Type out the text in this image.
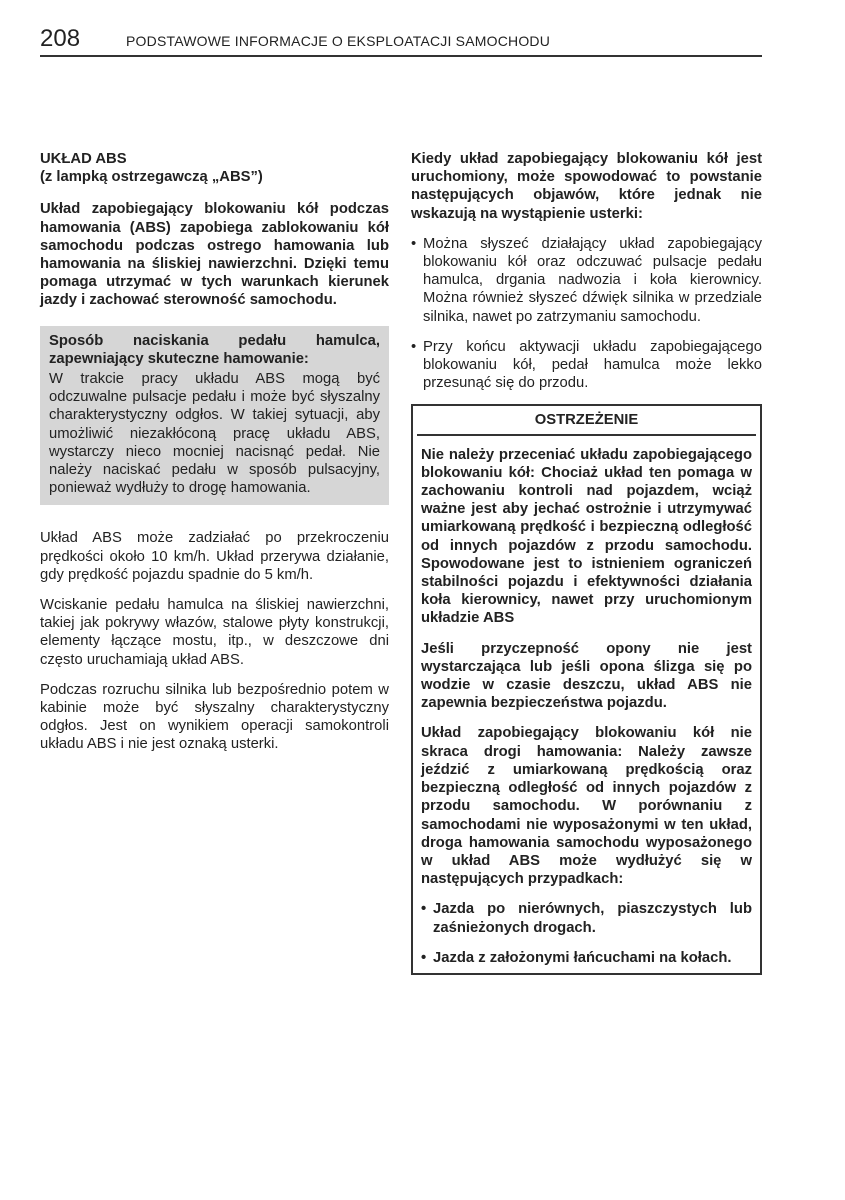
208	PODSTAWOWE INFORMACJE O EKSPLOATACJI SAMOCHODU
UKŁAD ABS
(z lampką ostrzegawczą „ABS”)

Układ zapobiegający blokowaniu kół podczas hamowania (ABS) zapobiega zablokowaniu kół samochodu podczas ostrego hamowania lub hamowania na śliskiej nawierzchni. Dzięki temu pomaga utrzymać w tych warunkach kierunek jazdy i zachować sterowność samochodu.

Sposób naciskania pedału hamulca, zapewniający skuteczne hamowanie:

W trakcie pracy układu ABS mogą być odczuwalne pulsacje pedału i może być słyszalny charakterystyczny odgłos. W takiej sytuacji, aby umożliwić niezakłóconą pracę układu ABS, wystarczy nieco mocniej nacisnąć pedał. Nie należy naciskać pedału w sposób pulsacyjny, ponieważ wydłuży to drogę hamowania.

Układ ABS może zadziałać po przekroczeniu prędkości około 10 km/h. Układ przerywa działanie, gdy prędkość pojazdu spadnie do 5 km/h.

Wciskanie pedału hamulca na śliskiej nawierzchni, takiej jak pokrywy włazów, stalowe płyty konstrukcji, elementy łączące mostu, itp., w deszczowe dni często uruchamiają układ ABS.

Podczas rozruchu silnika lub bezpośrednio potem w kabinie może być słyszalny charakterystyczny odgłos. Jest on wynikiem operacji samokontroli układu ABS i nie jest oznaką usterki.

Kiedy układ zapobiegający blokowaniu kół jest uruchomiony, może spowodować to powstanie następujących objawów, które jednak nie wskazują na wystąpienie usterki:

• Można słyszeć działający układ zapobiegający blokowaniu kół oraz odczuwać pulsacje pedału hamulca, drgania nadwozia i koła kierownicy. Można również słyszeć dźwięk silnika w przedziale silnika, nawet po zatrzymaniu samochodu.
• Przy końcu aktywacji układu zapobiegającego blokowaniu kół, pedał hamulca może lekko przesunąć się do przodu.
OSTRZEŻENIE

Nie należy przeceniać układu zapobiegającego blokowaniu kół: Chociaż układ ten pomaga w zachowaniu kontroli nad pojazdem, wciąż ważne jest aby jechać ostrożnie i utrzymywać umiarkowaną prędkość i bezpieczną odległość od innych pojazdów z przodu samochodu. Spowodowane jest to istnieniem ograniczeń stabilności pojazdu i efektywności działania koła kierownicy, nawet przy uruchomionym układzie ABS

Jeśli przyczepność opony nie jest wystarczająca lub jeśli opona ślizga się po wodzie w czasie deszczu, układ ABS nie zapewnia bezpieczeństwa pojazdu.

Układ zapobiegający blokowaniu kół nie skraca drogi hamowania: Należy zawsze jeździć z umiarkowaną prędkością oraz bezpieczną odległość od innych pojazdów z przodu samochodu. W porównaniu z samochodami nie wyposażonymi w ten układ, droga hamowania samochodu wyposażonego w układ ABS może wydłużyć się w następujących przypadkach:

• Jazda po nierównych, piaszczystych lub zaśnieżonych drogach.
• Jazda z założonymi łańcuchami na kołach.
